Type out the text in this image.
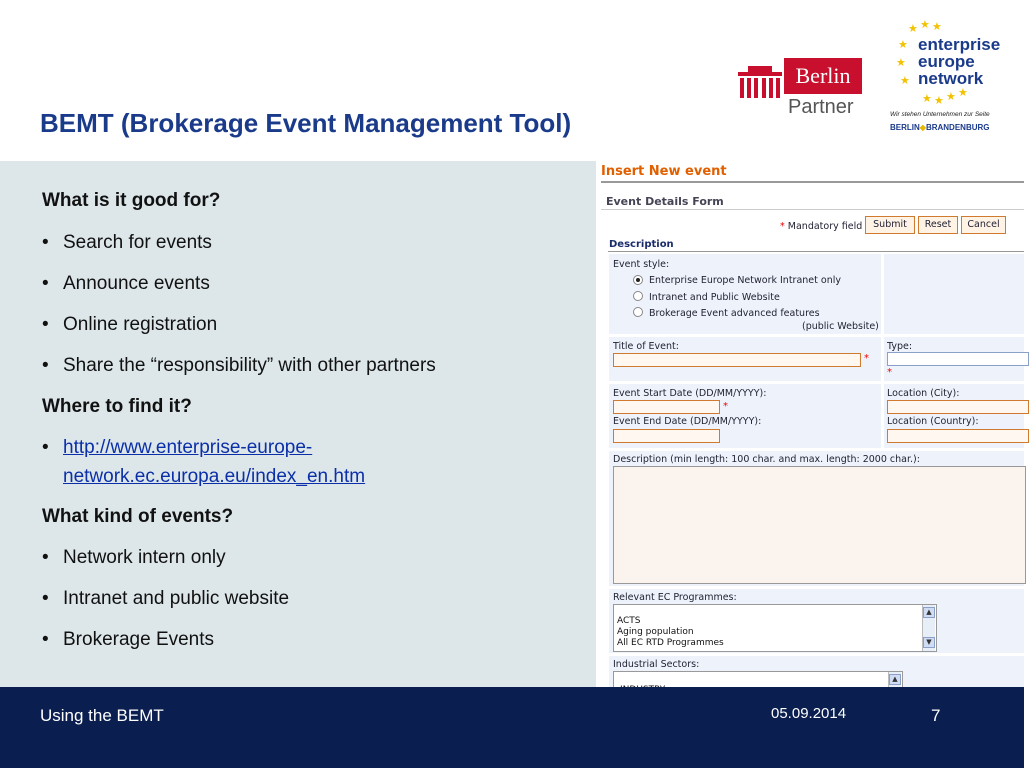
BEMT (Brokerage Event Management Tool)
Berlin
Partner
★ ★ ★
★
★
★
★ ★ ★ ★
enterprise
europe
network
Wir stehen Unternehmen zur Seite
BERLIN◆BRANDENBURG
What is it good for?
• Search for events
• Announce events
• Online registration
• Share the “responsibility” with other partners
Where to find it?
• http://www.enterprise-europe-
network.ec.europa.eu/index_en.htm
What kind of events?
• Network intern only
• Intranet and public website
• Brokerage Events
Insert New event
Event Details Form
* Mandatory field	Submit	Reset	Cancel
Description
Event style:
Enterprise Europe Network Intranet only
Intranet and Public Website
Brokerage Event advanced features
(public Website)
Title of Event:
*
Type:
*
Event Start Date (DD/MM/YYYY):
*
Event End Date (DD/MM/YYYY):
Location (City):
Location (Country):
Description (min length: 100 char. and max. length: 2000 char.):
Relevant EC Programmes:
ACTS
Aging population
All EC RTD Programmes
▲
▼
Industrial Sectors:
▲
Using the BEMT	05.09.2014	7
